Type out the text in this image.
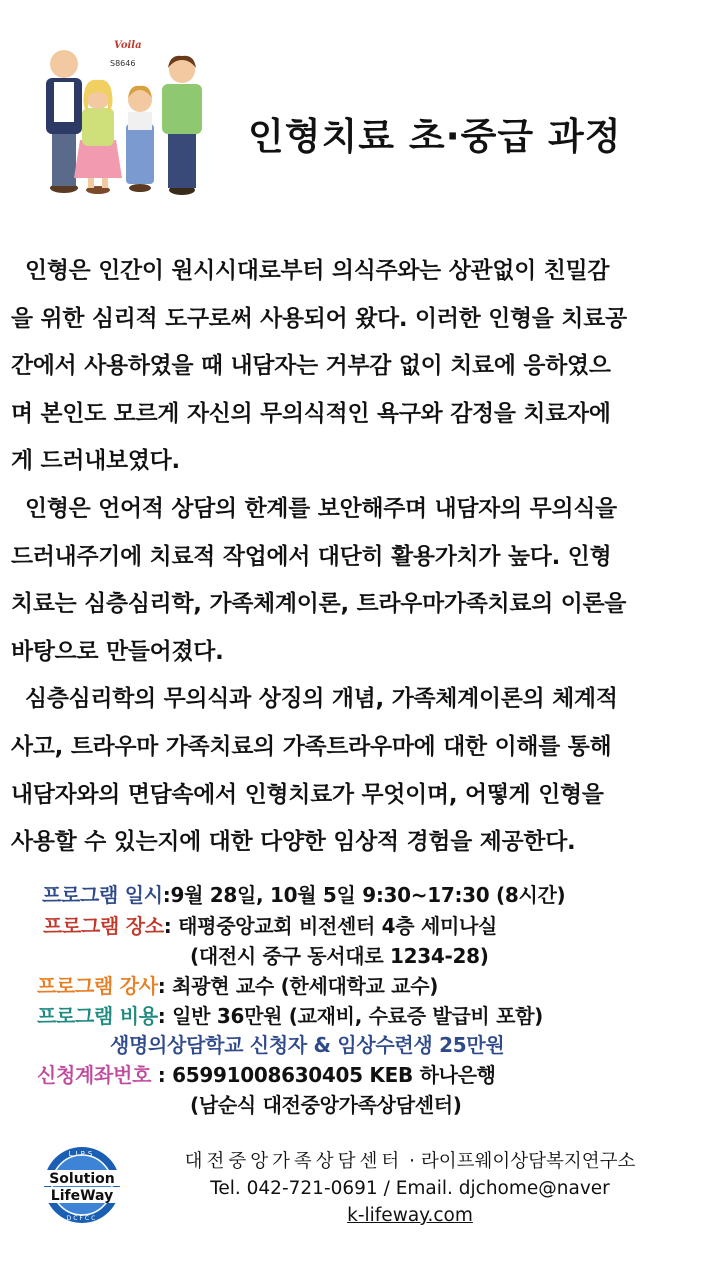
Voila
S8646
인형치료 초·중급 과정
인형은 인간이 원시시대로부터 의식주와는 상관없이 친밀감
을 위한 심리적 도구로써 사용되어 왔다. 이러한 인형을 치료공
간에서 사용하였을 때 내담자는 거부감 없이 치료에 응하였으
며 본인도 모르게 자신의 무의식적인 욕구와 감정을 치료자에
게 드러내보였다.
인형은 언어적 상담의 한계를 보안해주며 내담자의 무의식을
드러내주기에 치료적 작업에서 대단히 활용가치가 높다. 인형
치료는 심층심리학, 가족체계이론, 트라우마가족치료의 이론을
바탕으로 만들어졌다.
심층심리학의 무의식과 상징의 개념, 가족체계이론의 체계적
사고, 트라우마 가족치료의 가족트라우마에 대한 이해를 통해
내담자와의 면담속에서 인형치료가 무엇이며, 어떻게 인형을
사용할 수 있는지에 대한 다양한 임상적 경험을 제공한다.
프로그램 일시:9월 28일, 10월 5일 9:30~17:30 (8시간)
프로그램 장소: 태평중앙교회 비전센터 4층 세미나실
(대전시 중구 동서대로 1234-28)
프로그램 강사: 최광현 교수 (한세대학교 교수)
프로그램 비용: 일반 36만원 (교재비, 수료증 발급비 포함)
생명의상담학교 신청자 & 임상수련생 25만원
신청계좌번호 : 65991008630405 KEB 하나은행
(남순식 대전중앙가족상담센터)
LIPS
DCFCC
Solution
LifeWay
대전중앙가족상담센터 · 라이프웨이상담복지연구소
Tel. 042-721-0691 / Email. djchome@naver
k-lifeway.com
